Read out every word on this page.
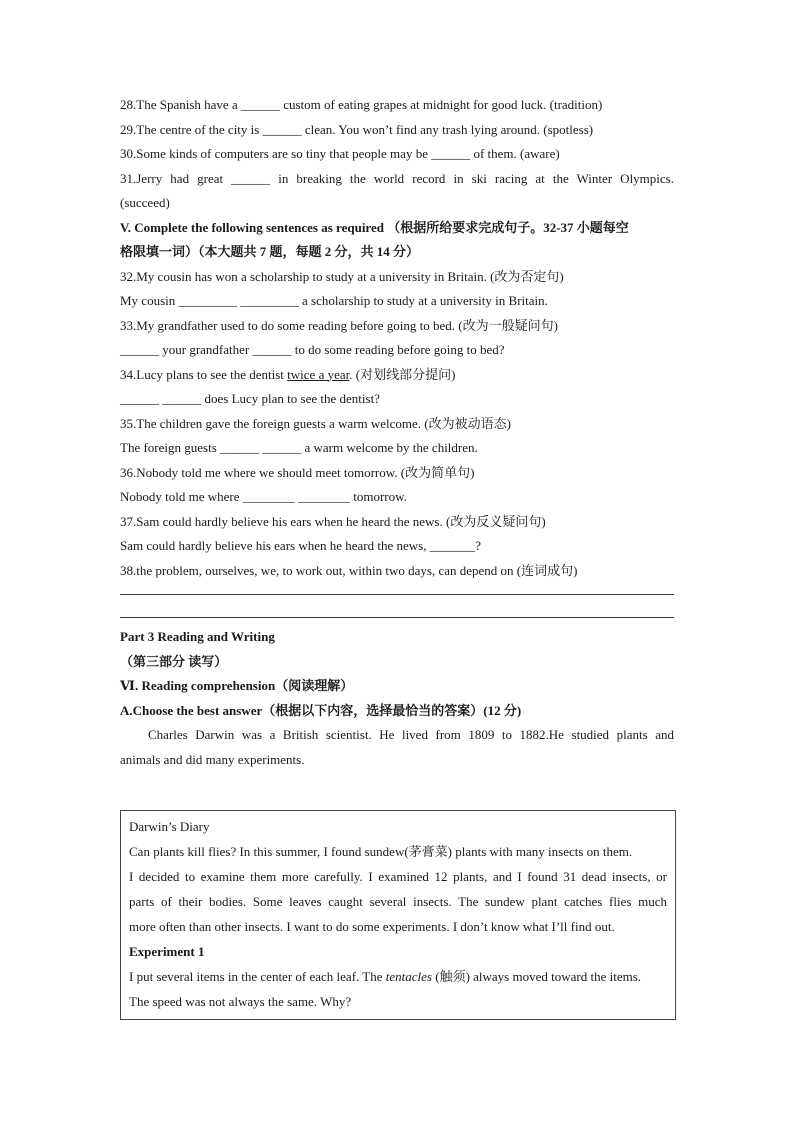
28.The Spanish have a ______ custom of eating grapes at midnight for good luck. (tradition)
29.The centre of the city is ______ clean. You won’t find any trash lying around. (spotless)
30.Some kinds of computers are so tiny that people may be ______ of them. (aware)
31.Jerry had great ______ in breaking the world record in ski racing at the Winter Olympics.
(succeed)
V. Complete the following sentences as required （根据所给要求完成句子。32-37 小题每空
格限填一词）（本大题共 7 题，每题 2 分，共 14 分）
32.My cousin has won a scholarship to study at a university in Britain. (改为否定句)
My cousin _________ _________ a scholarship to study at a university in Britain.
33.My grandfather used to do some reading before going to bed. (改为一般疑问句)
______ your grandfather ______ to do some reading before going to bed?
34.Lucy plans to see the dentist twice a year. (对划线部分提问)
______ ______ does Lucy plan to see the dentist?
35.The children gave the foreign guests a warm welcome. (改为被动语态)
The foreign guests ______ ______ a warm welcome by the children.
36.Nobody told me where we should meet tomorrow. (改为简单句)
Nobody told me where ________ ________ tomorrow.
37.Sam could hardly believe his ears when he heard the news. (改为反义疑问句)
Sam could hardly believe his ears when he heard the news, _______?
38.the problem, ourselves, we, to work out, within two days, can depend on (连词成句)
Part 3 Reading and Writing
（第三部分 读写）
Ⅵ. Reading comprehension（阅读理解）
A.Choose the best answer（根据以下内容，选择最恰当的答案）(12 分)
Charles Darwin was a British scientist. He lived from 1809 to 1882.He studied plants and
animals and did many experiments.
Darwin’s Diary
Can plants kill flies? In this summer, I found sundew(茅膏菜) plants with many insects on them.
I decided to examine them more carefully. I examined 12 plants, and I found 31 dead insects, or
parts of their bodies. Some leaves caught several insects. The sundew plant catches flies much
more often than other insects. I want to do some experiments. I don’t know what I’ll find out.
Experiment 1
I put several items in the center of each leaf. The tentacles (触须) always moved toward the items.
The speed was not always the same. Why?
